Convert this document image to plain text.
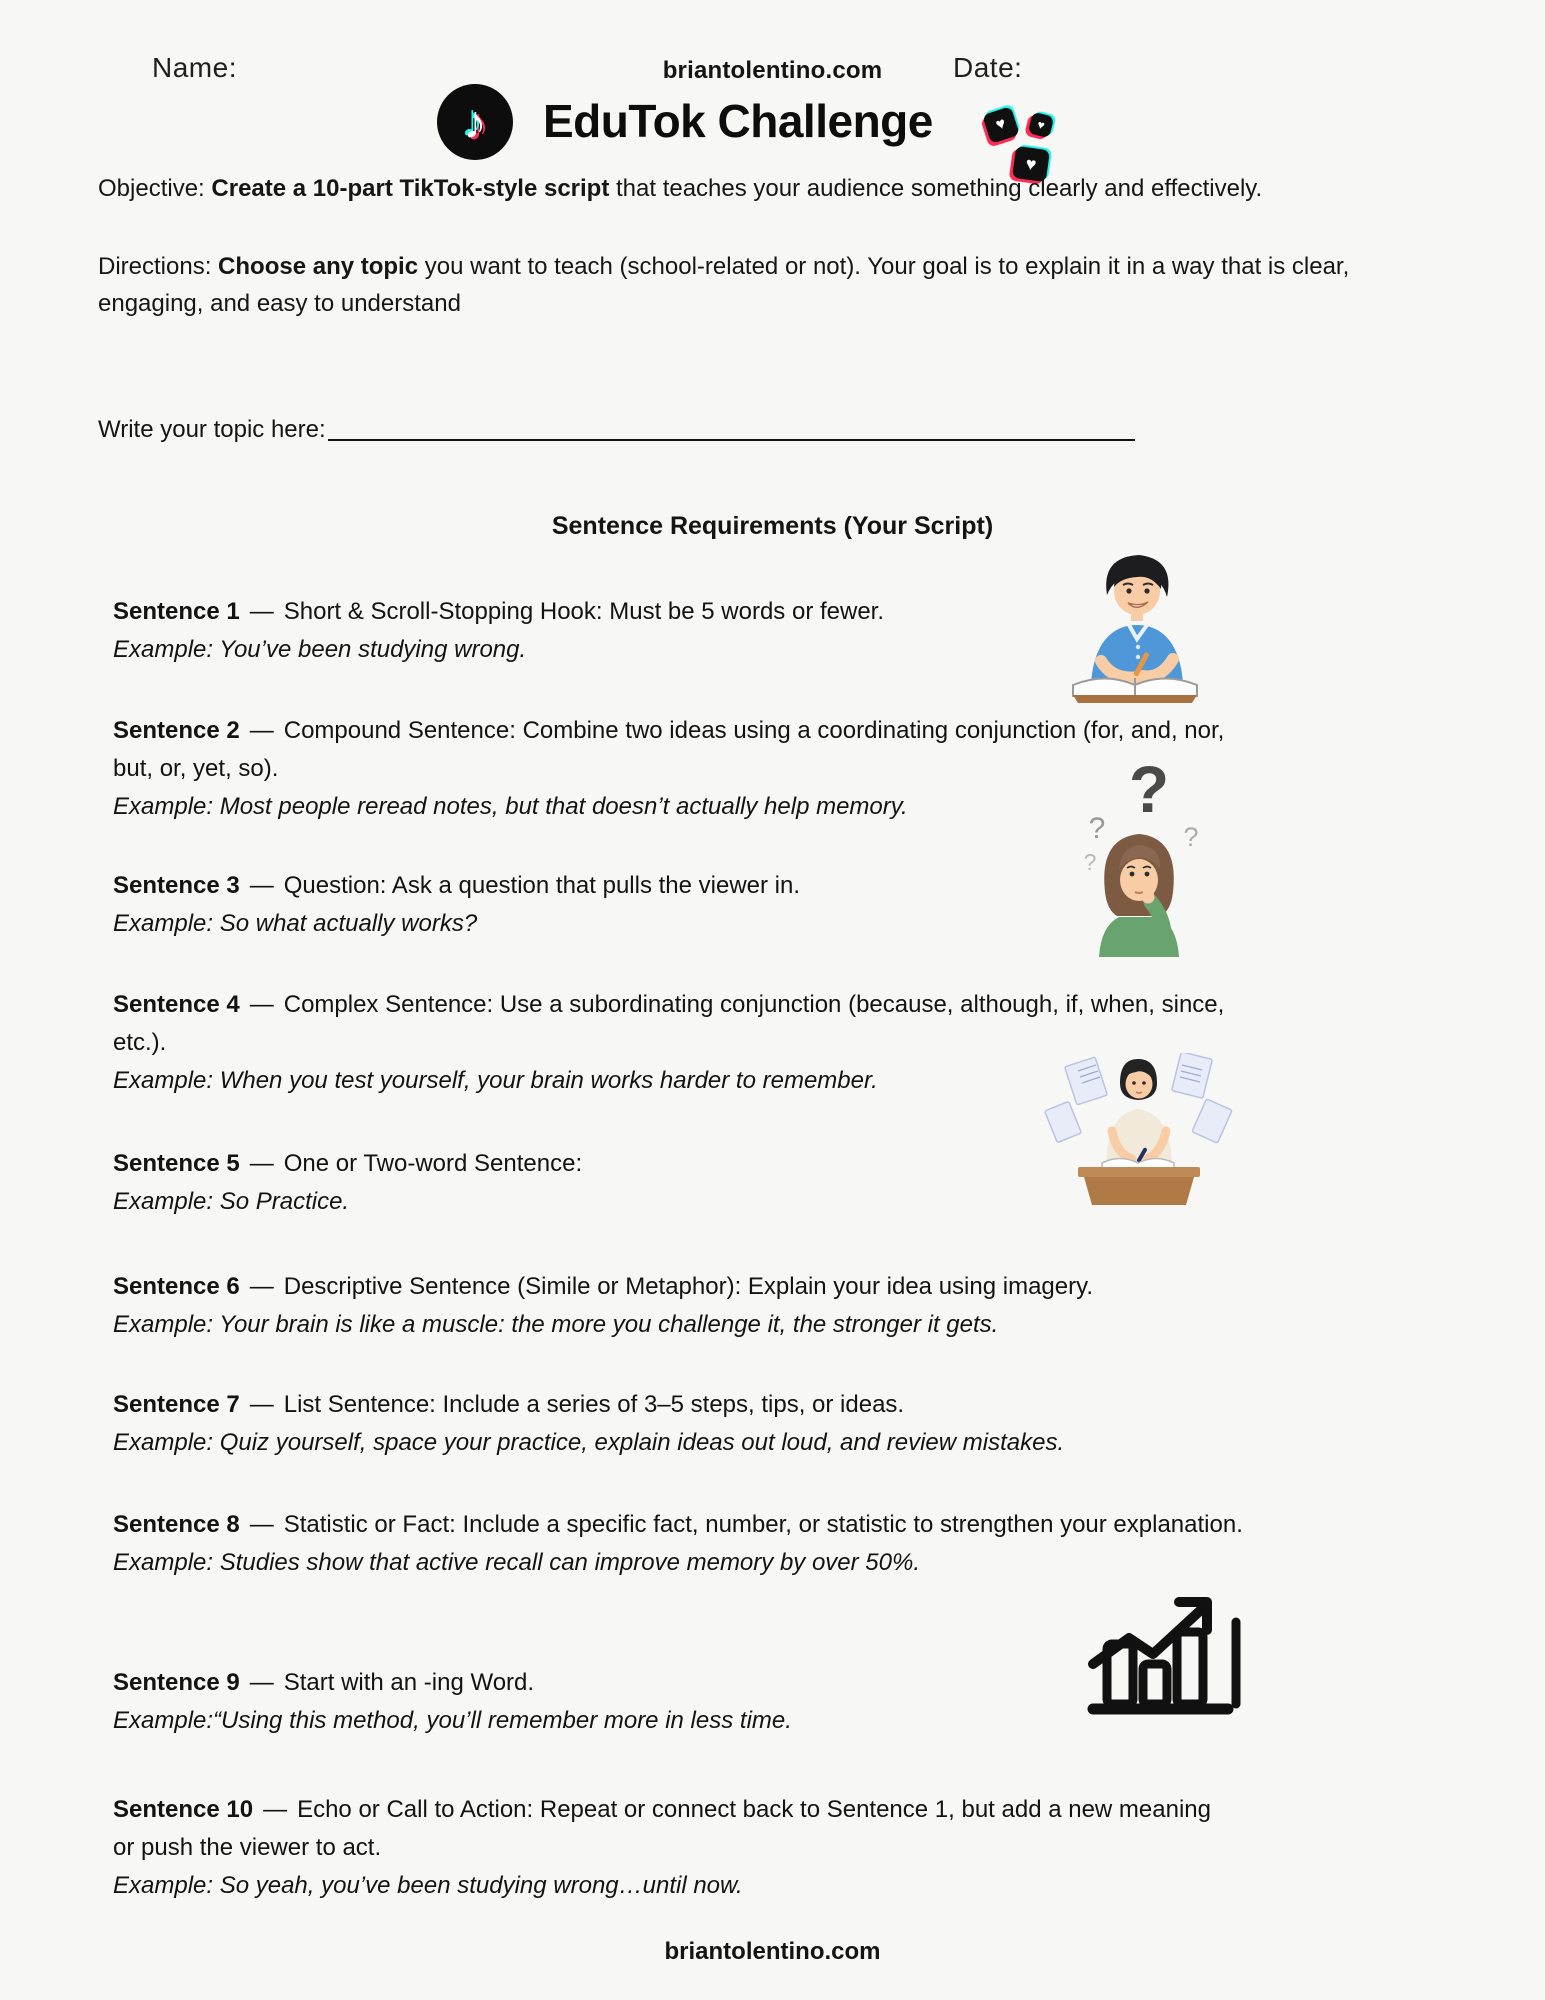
Name:	briantolentino.com	Date:
♪ EduTok Challenge	♥ ♥
♥

Objective: Create a 10-part TikTok-style script that teaches your audience something clearly and effectively.

Directions: Choose any topic you want to teach (school-related or not). Your goal is to explain it in a way that is clear, engaging, and easy to understand

Write your topic here:
Sentence Requirements (Your Script)
Sentence 1 — Short & Scroll-Stopping Hook: Must be 5 words or fewer.
Example: You’ve been studying wrong.
Sentence 2 — Compound Sentence: Combine two ideas using a coordinating conjunction (for, and, nor, but, or, yet, so).
Example: Most people reread notes, but that doesn’t actually help memory.
Sentence 3 — Question: Ask a question that pulls the viewer in.
Example: So what actually works?
Sentence 4 — Complex Sentence: Use a subordinating conjunction (because, although, if, when, since, etc.).
Example: When you test yourself, your brain works harder to remember.
Sentence 5 — One or Two-word Sentence:
Example: So Practice.
Sentence 6 — Descriptive Sentence (Simile or Metaphor): Explain your idea using imagery.
Example: Your brain is like a muscle: the more you challenge it, the stronger it gets.
Sentence 7 — List Sentence: Include a series of 3–5 steps, tips, or ideas.
Example: Quiz yourself, space your practice, explain ideas out loud, and review mistakes.
Sentence 8 — Statistic or Fact: Include a specific fact, number, or statistic to strengthen your explanation.
Example: Studies show that active recall can improve memory by over 50%.
Sentence 9 — Start with an -ing Word.
Example:“Using this method, you’ll remember more in less time.
Sentence 10 — Echo or Call to Action: Repeat or connect back to Sentence 1, but add a new meaning or push the viewer to act.
Example: So yeah, you’ve been studying wrong…until now.
?
?	?
?
briantolentino.com
